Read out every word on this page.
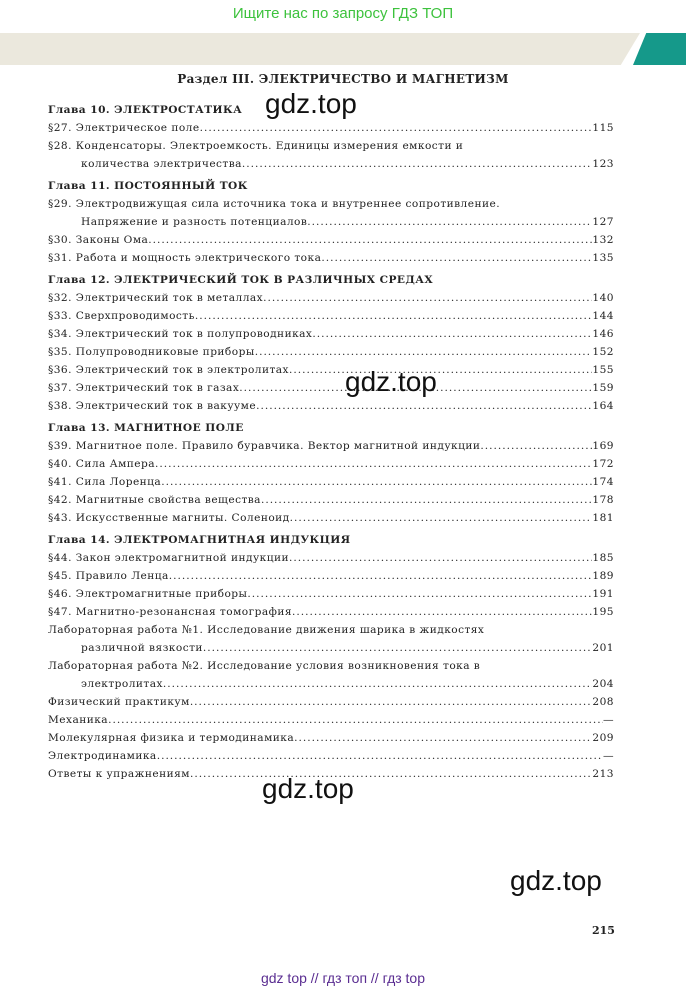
Ищите нас по запросу ГДЗ ТОП
Раздел III. ЭЛЕКТРИЧЕСТВО И МАГНЕТИЗМ
Глава 10. ЭЛЕКТРОСТАТИКА
§27. Электрическое поле .....	115
§28. Конденсаторы. Электроемкость. Единицы измерения емкости и
количества электричества .....	123
Глава 11. ПОСТОЯННЫЙ ТОК
§29. Электродвижущая сила источника тока и внутреннее сопротивление.
Напряжение и разность потенциалов .....	127
§30. Законы Ома .....	132
§31. Работа и мощность электрического тока .....	135
Глава 12. ЭЛЕКТРИЧЕСКИЙ ТОК В РАЗЛИЧНЫХ СРЕДАХ
§32. Электрический ток в металлах .....	140
§33. Сверхпроводимость .....	144
§34. Электрический ток в полупроводниках .....	146
§35. Полупроводниковые приборы .....	152
§36. Электрический ток в электролитах .....	155
§37. Электрический ток в газах .....	159
§38. Электрический ток в вакууме .....	164
Глава 13. МАГНИТНОЕ ПОЛЕ
§39. Магнитное поле. Правило буравчика. Вектор магнитной индукции .....	169
§40. Сила Ампера .....	172
§41. Сила Лоренца .....	174
§42. Магнитные свойства вещества .....	178
§43. Искусственные магниты. Соленоид .....	181
Глава 14. ЭЛЕКТРОМАГНИТНАЯ ИНДУКЦИЯ
§44. Закон электромагнитной индукции .....	185
§45. Правило Ленца .....	189
§46. Электромагнитные приборы .....	191
§47. Магнитно-резонансная томография .....	195
Лабораторная работа №1. Исследование движения шарика в жидкостях
различной вязкости .....	201
Лабораторная работа №2. Исследование условия возникновения тока в
электролитах .....	204
Физический практикум .....	208
Механика .....	—
Молекулярная физика и термодинамика .....	209
Электродинамика .....	—
Ответы к упражнениям .....	213
gdz.top
gdz.top
gdz.top
gdz.top
215
gdz top // гдз топ // гдз top
